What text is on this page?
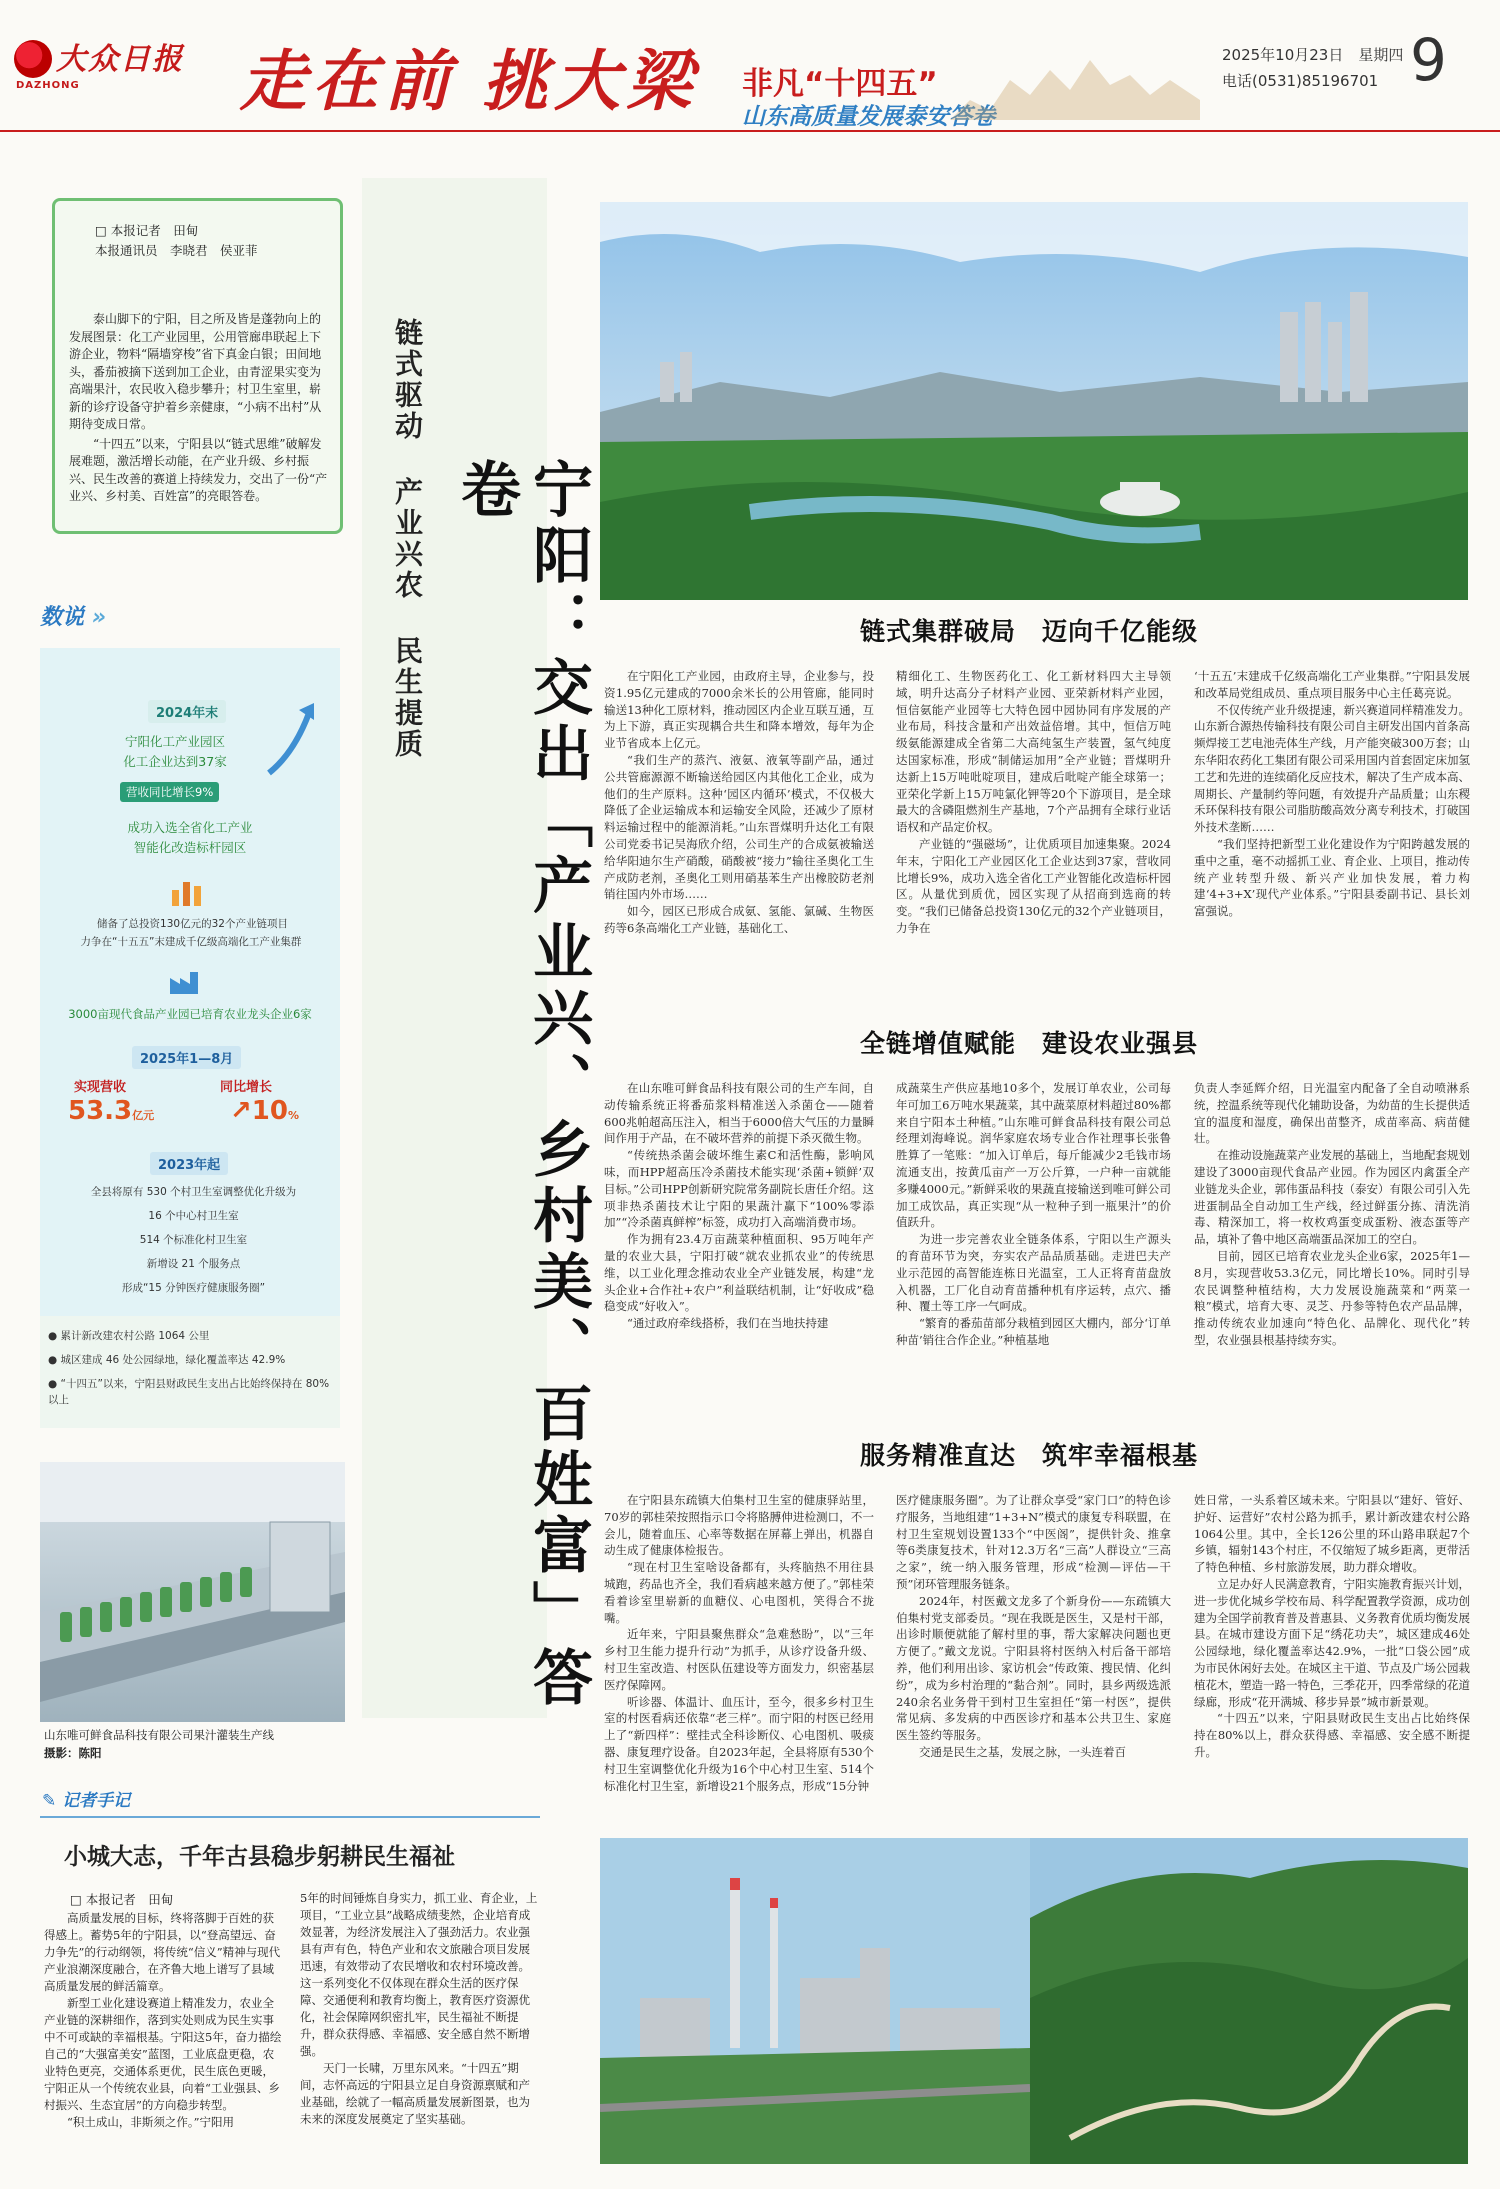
大众日报
DAZHONG 走在前 挑大梁 非凡“十四五”
山东高质量发展泰安答卷
2025年10月23日　星期四
电话(0531)85196701 9
□ 本报记者　田甸
本报通讯员　李晓君　侯亚菲

泰山脚下的宁阳，目之所及皆是蓬勃向上的发展图景：化工产业园里，公用管廊串联起上下游企业，物料“隔墙穿梭”省下真金白银；田间地头，番茄被摘下送到加工企业，由青涩果实变为高端果汁，农民收入稳步攀升；村卫生室里，崭新的诊疗设备守护着乡亲健康，“小病不出村”从期待变成日常。

“十四五”以来，宁阳县以“链式思维”破解发展难题，激活增长动能，在产业升级、乡村振兴、民生改善的赛道上持续发力，交出了一份“产业兴、乡村美、百姓富”的亮眼答卷。

链式驱动 产业兴农 民生提质	宁阳：交出「产业兴、乡村美、百姓富」答卷
数说 »
2024年末
宁阳化工产业园区
化工企业达到37家
营收同比增长9%
成功入选全省化工产业
智能化改造标杆园区
储备了总投资130亿元的32个产业链项目
力争在“十五五”末建成千亿级高端化工产业集群
3000亩现代食品产业园已培育农业龙头企业6家
2025年1—8月
实现营收	同比增长
53.3亿元	↗10%
2023年起
全县将原有 530 个村卫生室调整优化升级为
16 个中心村卫生室
514 个标准化村卫生室
新增设 21 个服务点
形成“15 分钟医疗健康服务圈”
● 累计新改建农村公路 1064 公里
● 城区建成 46 处公园绿地，绿化覆盖率达 42.9%
● “十四五”以来，宁阳县财政民生支出占比始终保持在 80% 以上
山东唯可鲜食品科技有限公司果汁灌装生产线
摄影：陈阳
✎ 记者手记
小城大志，千年古县稳步躬耕民生福祉
□ 本报记者　田甸

高质量发展的目标，终将落脚于百姓的获得感上。蓄势5年的宁阳县，以“登高望远、奋力争先”的行动纲领，将传统“信义”精神与现代产业浪潮深度融合，在齐鲁大地上谱写了县域高质量发展的鲜活篇章。

新型工业化建设赛道上精准发力，农业全产业链的深耕细作，落到实处则成为民生实事中不可或缺的幸福根基。宁阳这5年，奋力描绘自己的“大强富美安”蓝图，工业底盘更稳，农业特色更亮，交通体系更优，民生底色更暖，宁阳正从一个传统农业县，向着“工业强县、乡村振兴、生态宜居”的方向稳步转型。

“积土成山，非斯须之作。”宁阳用

5年的时间锤炼自身实力，抓工业、育企业，上项目，“工业立县”战略成绩斐然，企业培育成效显著，为经济发展注入了强劲活力。农业强县有声有色，特色产业和农文旅融合项目发展迅速，有效带动了农民增收和农村环境改善。这一系列变化不仅体现在群众生活的医疗保障、交通便利和教育均衡上，教育医疗资源优化，社会保障网织密扎牢，民生福祉不断提升，群众获得感、幸福感、安全感自然不断增强。

天门一长啸，万里东风来。“十四五”期间，志怀高远的宁阳县立足自身资源禀赋和产业基础，绘就了一幅高质量发展新图景，也为未来的深度发展奠定了坚实基础。

链式集群破局　迈向千亿能级

在宁阳化工产业园，由政府主导，企业参与，投资1.95亿元建成的7000余米长的公用管廊，能同时输送13种化工原材料，推动园区内企业互联互通，互为上下游，真正实现耦合共生和降本增效，每年为企业节省成本上亿元。

“我们生产的蒸汽、液氨、液氧等副产品，通过公共管廊源源不断输送给园区内其他化工企业，成为他们的生产原料。这种‘园区内循环’模式，不仅极大降低了企业运输成本和运输安全风险，还减少了原材料运输过程中的能源消耗。”山东晋煤明升达化工有限公司党委书记吴海欣介绍，公司生产的合成氨被输送给华阳迪尔生产硝酸，硝酸被“接力”输往圣奥化工生产成防老剂，圣奥化工则用硝基苯生产出橡胶防老剂销往国内外市场……

如今，园区已形成合成氨、氢能、氯碱、生物医药等6条高端化工产业链，基础化工、

精细化工、生物医药化工、化工新材料四大主导领域，明升达高分子材料产业园、亚荣新材料产业园，恒信氨能产业园等七大特色园中园协同有序发展的产业布局，科技含量和产出效益倍增。其中，恒信万吨级氨能源建成全省第二大高纯氢生产装置，氢气纯度达国家标准，形成“制储运加用”全产业链；晋煤明升达新上15万吨吡啶项目，建成后吡啶产能全球第一；亚荣化学新上15万吨氯化钾等20个下游项目，是全球最大的含磷阻燃剂生产基地，7个产品拥有全球行业话语权和产品定价权。

产业链的“强磁场”，让优质项目加速集聚。2024年末，宁阳化工产业园区化工企业达到37家，营收同比增长9%，成功入选全省化工产业智能化改造标杆园区。从量优到质优，园区实现了从招商到选商的转变。“我们已储备总投资130亿元的32个产业链项目，力争在

‘十五五’末建成千亿级高端化工产业集群。”宁阳县发展和改革局党组成员、重点项目服务中心主任葛亮说。

不仅传统产业升级提速，新兴赛道同样精准发力。山东新合源热传输科技有限公司自主研发出国内首条高频焊接工艺电池壳体生产线，月产能突破300万套；山东华阳农药化工集团有限公司采用国内首套固定床加氢工艺和先进的连续硝化反应技术，解决了生产成本高、周期长、产量制约等问题，有效提升产品质量；山东稷禾环保科技有限公司脂肪酸高效分离专利技术，打破国外技术垄断……

“我们坚持把新型工业化建设作为宁阳跨越发展的重中之重，毫不动摇抓工业、育企业、上项目，推动传统产业转型升级、新兴产业加快发展，着力构建‘4+3+X’现代产业体系。”宁阳县委副书记、县长刘富强说。

全链增值赋能　建设农业强县

在山东唯可鲜食品科技有限公司的生产车间，自动传输系统正将番茄浆料精准送入杀菌仓——随着600兆帕超高压注入，相当于6000倍大气压的力量瞬间作用于产品，在不破坏营养的前提下杀灭微生物。

“传统热杀菌会破坏维生素C和活性酶，影响风味，而HPP超高压冷杀菌技术能实现‘杀菌+锁鲜’双目标。”公司HPP创新研究院常务副院长唐任介绍。这项非热杀菌技术让宁阳的果蔬汁赢下“100%零添加”“冷杀菌真鲜榨”标签，成功打入高端消费市场。

作为拥有23.4万亩蔬菜种植面积、95万吨年产量的农业大县，宁阳打破“就农业抓农业”的传统思维，以工业化理念推动农业全产业链发展，构建“龙头企业+合作社+农户”利益联结机制，让“好收成”稳稳变成“好收入”。

“通过政府牵线搭桥，我们在当地扶持建

成蔬菜生产供应基地10多个，发展订单农业，公司每年可加工6万吨水果蔬菜，其中蔬菜原材料超过80%都来自宁阳本土种植。”山东唯可鲜食品科技有限公司总经理刘海峰说。润华家庭农场专业合作社理事长张鲁胜算了一笔账：“加入订单后，每斤能减少2毛钱市场流通支出，按黄瓜亩产一万公斤算，一户种一亩就能多赚4000元。”新鲜采收的果蔬直接输送到唯可鲜公司加工成饮品，真正实现“从一粒种子到一瓶果汁”的价值跃升。

为进一步完善农业全链条体系，宁阳以生产源头的育苗环节为突，夯实农产品品质基础。走进巴夫产业示范园的高智能连栋日光温室，工人正将育苗盘放入机器，工厂化自动育苗播种机有序运转，点穴、播种、覆土等工序一气呵成。

“繁育的番茄苗部分栽植到园区大棚内，部分‘订单种苗’销往合作企业。”种植基地

负责人李延辉介绍，日光温室内配备了全自动喷淋系统，控温系统等现代化辅助设备，为幼苗的生长提供适宜的温度和湿度，确保出苗整齐，成苗率高、病苗健壮。

在推动设施蔬菜产业发展的基础上，当地配套规划建设了3000亩现代食品产业园。作为园区内禽蛋全产业链龙头企业，郭伟蛋品科技（泰安）有限公司引入先进蛋制品全自动加工生产线，经过鲜蛋分拣、清洗消毒、精深加工，将一枚枚鸡蛋变成蛋粉、液态蛋等产品，填补了鲁中地区高端蛋品深加工的空白。

目前，园区已培育农业龙头企业6家，2025年1—8月，实现营收53.3亿元，同比增长10%。同时引导农民调整种植结构，大力发展设施蔬菜和“两菜一粮”模式，培育大枣、灵芝、丹参等特色农产品品牌，推动传统农业加速向“特色化、品牌化、现代化”转型，农业强县根基持续夯实。

服务精准直达　筑牢幸福根基

在宁阳县东疏镇大伯集村卫生室的健康驿站里，70岁的郭桂荣按照指示口令将胳膊伸进检测口，不一会儿，随着血压、心率等数据在屏幕上弹出，机器自动生成了健康体检报告。

“现在村卫生室啥设备都有，头疼脑热不用往县城跑，药品也齐全，我们看病越来越方便了。”郭桂荣看着诊室里崭新的血糖仪、心电图机，笑得合不拢嘴。

近年来，宁阳县聚焦群众“急难愁盼”，以“三年乡村卫生能力提升行动”为抓手，从诊疗设备升级、村卫生室改造、村医队伍建设等方面发力，织密基层医疗保障网。

听诊器、体温计、血压计，至今，很多乡村卫生室的村医看病还依靠“老三样”。而宁阳的村医已经用上了“新四样”：壁挂式全科诊断仪、心电图机、吸痰器、康复理疗设备。自2023年起，全县将原有530个村卫生室调整优化升级为16个中心村卫生室、514个标准化村卫生室，新增设21个服务点，形成“15分钟

医疗健康服务圈”。为了让群众享受“家门口”的特色诊疗服务，当地组建“1+3+N”模式的康复专科联盟，在村卫生室规划设置133个“中医阁”，提供针灸、推拿等6类康复技术，针对12.3万名“三高”人群设立“三高之家”，统一纳入服务管理，形成“检测—评估—干预”闭环管理服务链条。

2024年，村医戴文龙多了个新身份——东疏镇大伯集村党支部委员。“现在我既是医生，又是村干部，出诊时顺便就能了解村里的事，帮大家解决问题也更方便了。”戴文龙说。宁阳县将村医纳入村后备干部培养，他们利用出诊、家访机会“传政策、搜民情、化纠纷”，成为乡村治理的“黏合剂”。同时，县乡两级选派240余名业务骨干到村卫生室担任“第一村医”，提供常见病、多发病的中西医诊疗和基本公共卫生、家庭医生签约等服务。

交通是民生之基，发展之脉，一头连着百

姓日常，一头系着区域未来。宁阳县以“建好、管好、护好、运营好”农村公路为抓手，累计新改建农村公路1064公里。其中，全长126公里的环山路串联起7个乡镇，辐射143个村庄，不仅缩短了城乡距离，更带活了特色种植、乡村旅游发展，助力群众增收。

立足办好人民满意教育，宁阳实施教育振兴计划，进一步优化城乡学校布局、科学配置教学资源，成功创建为全国学前教育普及普惠县、义务教育优质均衡发展县。在城市建设方面下足“绣花功夫”，城区建成46处公园绿地，绿化覆盖率达42.9%，一批“口袋公园”成为市民休闲好去处。在城区主干道、节点及广场公园栽植花木，塑造一路一特色，三季花开，四季常绿的花道绿廊，形成“花开满城、移步异景”城市新景观。

“十四五”以来，宁阳县财政民生支出占比始终保持在80%以上，群众获得感、幸福感、安全感不断提升。
